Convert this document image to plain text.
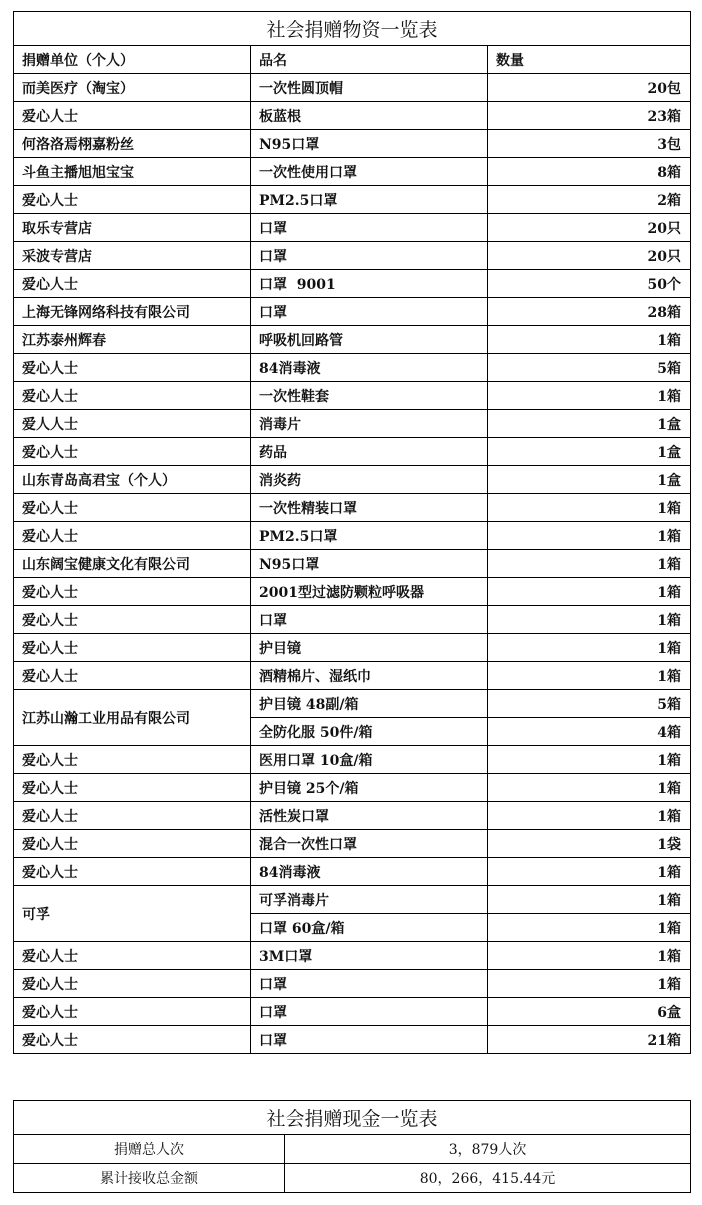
社会捐赠物资一览表		
捐赠单位（个人）	品名	数量
而美医疗（淘宝）	一次性圆顶帽	20包
爱心人士	板蓝根	23箱
何洛洛焉栩嘉粉丝	N95口罩	3包
斗鱼主播旭旭宝宝	一次性使用口罩	8箱
爱心人士	PM2.5口罩	2箱
取乐专营店	口罩	20只
采波专营店	口罩	20只
爱心人士	口罩  9001	50个
上海无锋网络科技有限公司	口罩	28箱
江苏泰州辉春	呼吸机回路管	1箱
爱心人士	84消毒液	5箱
爱心人士	一次性鞋套	1箱
爱人人士	消毒片	1盒
爱心人士	药品	1盒
山东青岛高君宝（个人）	消炎药	1盒
爱心人士	一次性精装口罩	1箱
爱心人士	PM2.5口罩	1箱
山东阔宝健康文化有限公司	N95口罩	1箱
爱心人士	2001型过滤防颗粒呼吸器	1箱
爱心人士	口罩	1箱
爱心人士	护目镜	1箱
爱心人士	酒精棉片、湿纸巾	1箱
江苏山瀚工业用品有限公司	护目镜 48副/箱	5箱
	全防化服 50件/箱	4箱
爱心人士	医用口罩 10盒/箱	1箱
爱心人士	护目镜 25个/箱	1箱
爱心人士	活性炭口罩	1箱
爱心人士	混合一次性口罩	1袋
爱心人士	84消毒液	1箱
可孚	可孚消毒片	1箱
	口罩 60盒/箱	1箱
爱心人士	3M口罩	1箱
爱心人士	口罩	1箱
爱心人士	口罩	6盒
爱心人士	口罩	21箱
社会捐赠现金一览表	
捐赠总人次	3，879人次
累计接收总金额	80，266，415.44元
